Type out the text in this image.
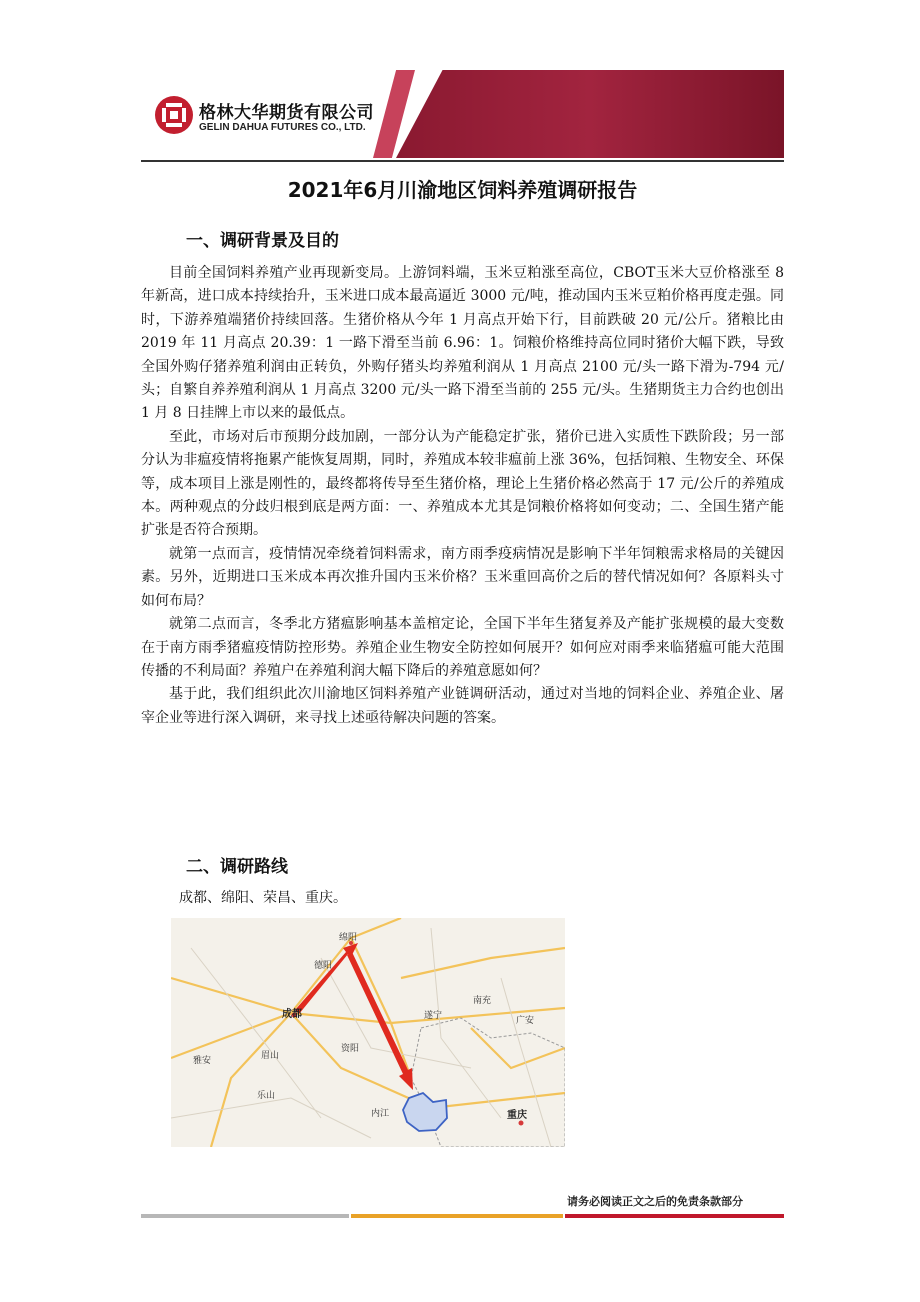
格林大华期货有限公司
GELIN DAHUA FUTURES CO., LTD.
2021年6月川渝地区饲料养殖调研报告
一、调研背景及目的

目前全国饲料养殖产业再现新变局。上游饲料端，玉米豆粕涨至高位，CBOT玉米大豆价格涨至 8 年新高，进口成本持续抬升，玉米进口成本最高逼近 3000 元/吨，推动国内玉米豆粕价格再度走强。同时，下游养殖端猪价持续回落。生猪价格从今年 1 月高点开始下行，目前跌破 20 元/公斤。猪粮比由 2019 年 11 月高点 20.39：1 一路下滑至当前 6.96：1。饲粮价格维持高位同时猪价大幅下跌，导致全国外购仔猪养殖利润由正转负，外购仔猪头均养殖利润从 1 月高点 2100 元/头一路下滑为-794 元/头；自繁自养养殖利润从 1 月高点 3200 元/头一路下滑至当前的 255 元/头。生猪期货主力合约也创出 1 月 8 日挂牌上市以来的最低点。

至此，市场对后市预期分歧加剧，一部分认为产能稳定扩张，猪价已进入实质性下跌阶段；另一部分认为非瘟疫情将拖累产能恢复周期，同时，养殖成本较非瘟前上涨 36%，包括饲粮、生物安全、环保等，成本项目上涨是刚性的，最终都将传导至生猪价格，理论上生猪价格必然高于 17 元/公斤的养殖成本。两种观点的分歧归根到底是两方面：一、养殖成本尤其是饲粮价格将如何变动；二、全国生猪产能扩张是否符合预期。

就第一点而言，疫情情况牵绕着饲料需求，南方雨季疫病情况是影响下半年饲粮需求格局的关键因素。另外，近期进口玉米成本再次推升国内玉米价格？玉米重回高价之后的替代情况如何？各原料头寸如何布局？

就第二点而言，冬季北方猪瘟影响基本盖棺定论，全国下半年生猪复养及产能扩张规模的最大变数在于南方雨季猪瘟疫情防控形势。养殖企业生物安全防控如何展开？如何应对雨季来临猪瘟可能大范围传播的不利局面？养殖户在养殖利润大幅下降后的养殖意愿如何？

基于此，我们组织此次川渝地区饲料养殖产业链调研活动，通过对当地的饲料企业、养殖企业、屠宰企业等进行深入调研，来寻找上述亟待解决问题的答案。

二、调研路线
成都、绵阳、荣昌、重庆。
绵阳
德阳
成都
南充
遂宁	广安
雅安	眉山
资阳
乐山
内江	重庆
请务必阅读正文之后的免责条款部分
